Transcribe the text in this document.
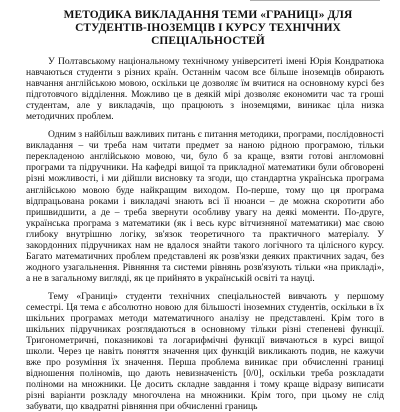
МЕТОДИКА ВИКЛАДАННЯ ТЕМИ «ГРАНИЦІ» ДЛЯ СТУДЕНТІВ-ІНОЗЕМЦІВ І КУРСУ ТЕХНІЧНИХ СПЕЦІАЛЬНОСТЕЙ

У Полтавському національному технічному університеті імені Юрія Кондратюка навчаються студенти з різних країн. Останнім часом все більше іноземців обирають навчання англійською мовою, оскільки це дозволяє їм вчитися на основному курсі без підготовчого відділення. Можливо це в деякій мірі дозволяє економити час та гроші студентам, але у викладачів, що працюють з іноземцями, виникає ціла низка методичних проблем.

Одним з найбільш важливих питань є питання методики, програми, послідовності викладання – чи треба нам читати предмет за наною рідною програмою, тільки перекладеною англійською мовою, чи, було б за краще, взяти готові англомовні програми та підручники. На кафедрі вищої та прикладної математики були обговорені різні можливості, і ми дійшли висновку та згоди, що стандартна українська програма англійською мовою буде найкращим виходом. По-перше, тому що ця програма відпрацьована роками і викладачі знають всі її нюанси – де можна скоротити або пришвидшити, а де – треба звернути особливу увагу на деякі моменти. По-друге, українська програма з математики (як і весь курс вітчизняної математики) має свою глибоку внутрішню логіку, зв'язок теоретичного та практичного матеріалу. У закордонних підручниках нам не вдалося знайти такого логічного та цілісного курсу. Багато математичних проблем представлені як розв'язки деяких практичних задач, без жодного узагальнення. Рівняння та системи рівнянь розв'язують тільки «на прикладі», а не в загальному вигляді, як це прийнято в українській освіті та науці.

Тему «Границі» студенти технічних спеціальностей вивчають у першому семестрі. Ця тема є абсолютно новою для більшості іноземних студентів, оскільки в їх шкільних програмах методи математичного аналізу не представлені. Крім того в шкільних підручниках розглядаються в основному тільки різні степеневі функції. Тригонометричні, показникові та логарифмічні функції вивчаються в курсі вищої школи. Через це навіть поняття значення цих функцій викликають подив, не кажучи вже про розуміння їх значення. Перша проблема виникає при обчисленні границі відношення поліномів, що дають невизначеність [0/0], оскільки треба розкладати поліноми на множники. Це досить складне завдання і тому краще відразу виписати різні варіанти розкладу многочлена на множники. Крім того, при цьому не слід забувати, що квадратні рівняння при обчисленні границь
